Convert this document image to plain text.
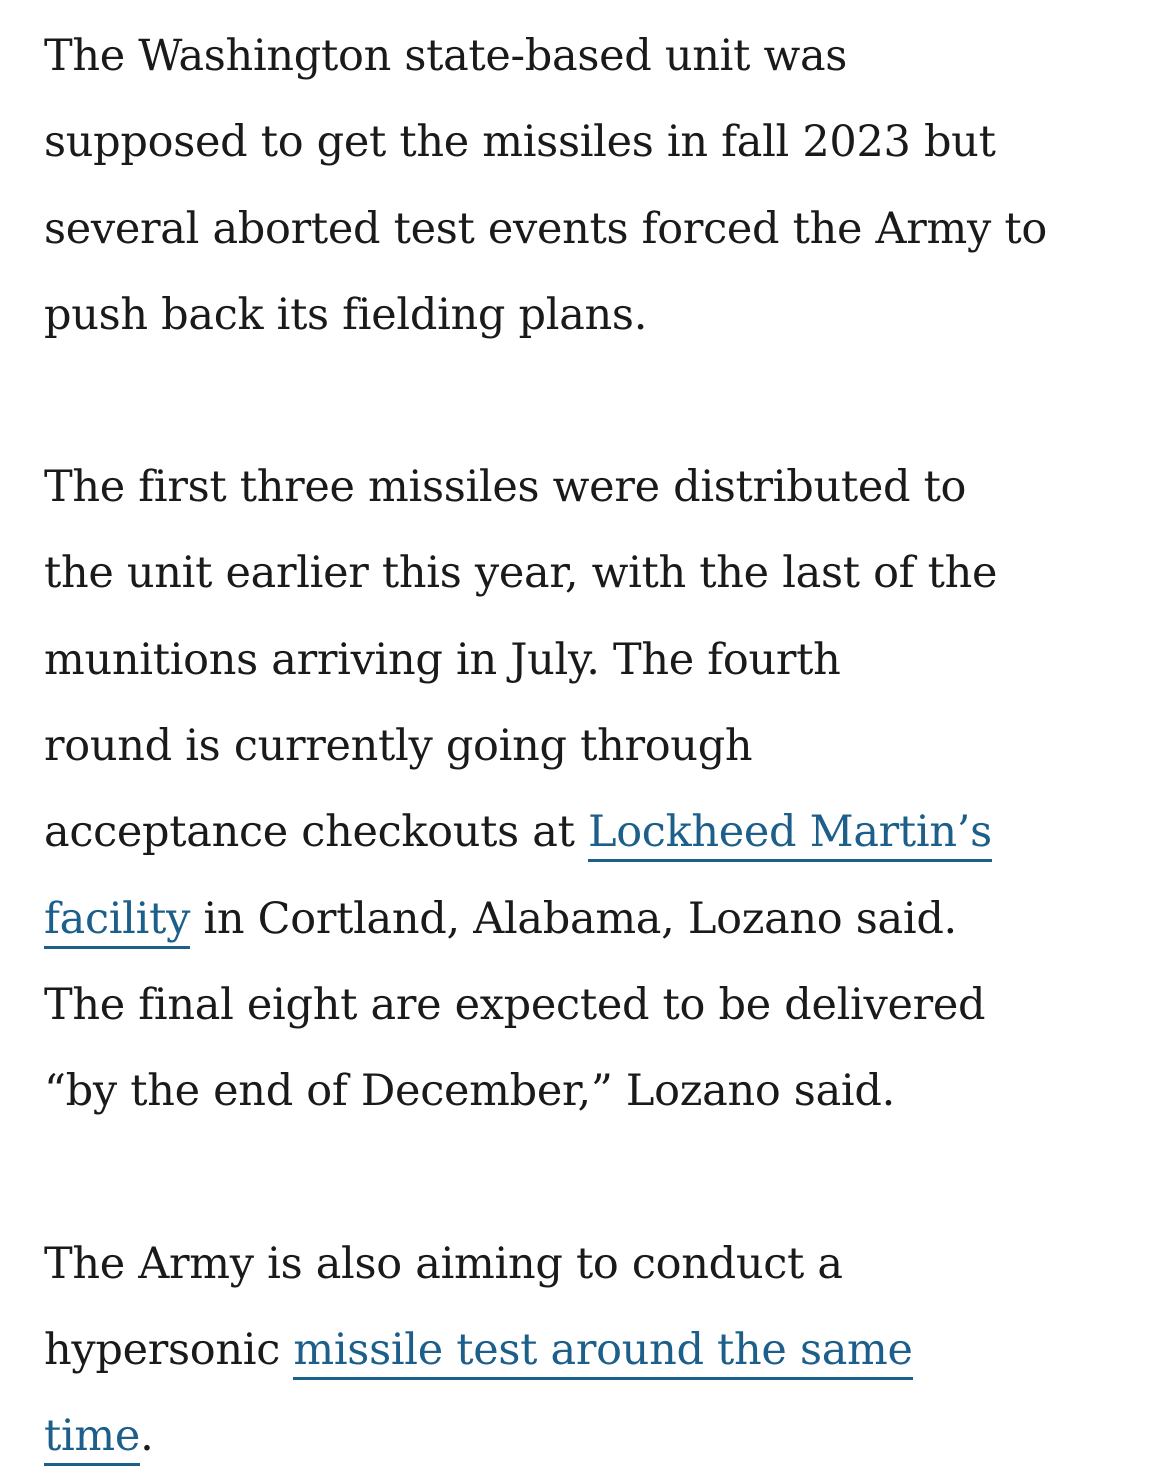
The Washington state-based unit was
supposed to get the missiles in fall 2023 but
several aborted test events forced the Army to
push back its fielding plans.

The first three missiles were distributed to
the unit earlier this year, with the last of the
munitions arriving in July. The fourth
round is currently going through
acceptance checkouts at Lockheed Martin’s
facility in Cortland, Alabama, Lozano said.
The final eight are expected to be delivered
“by the end of December,” Lozano said.

The Army is also aiming to conduct a
hypersonic missile test around the same
time.
